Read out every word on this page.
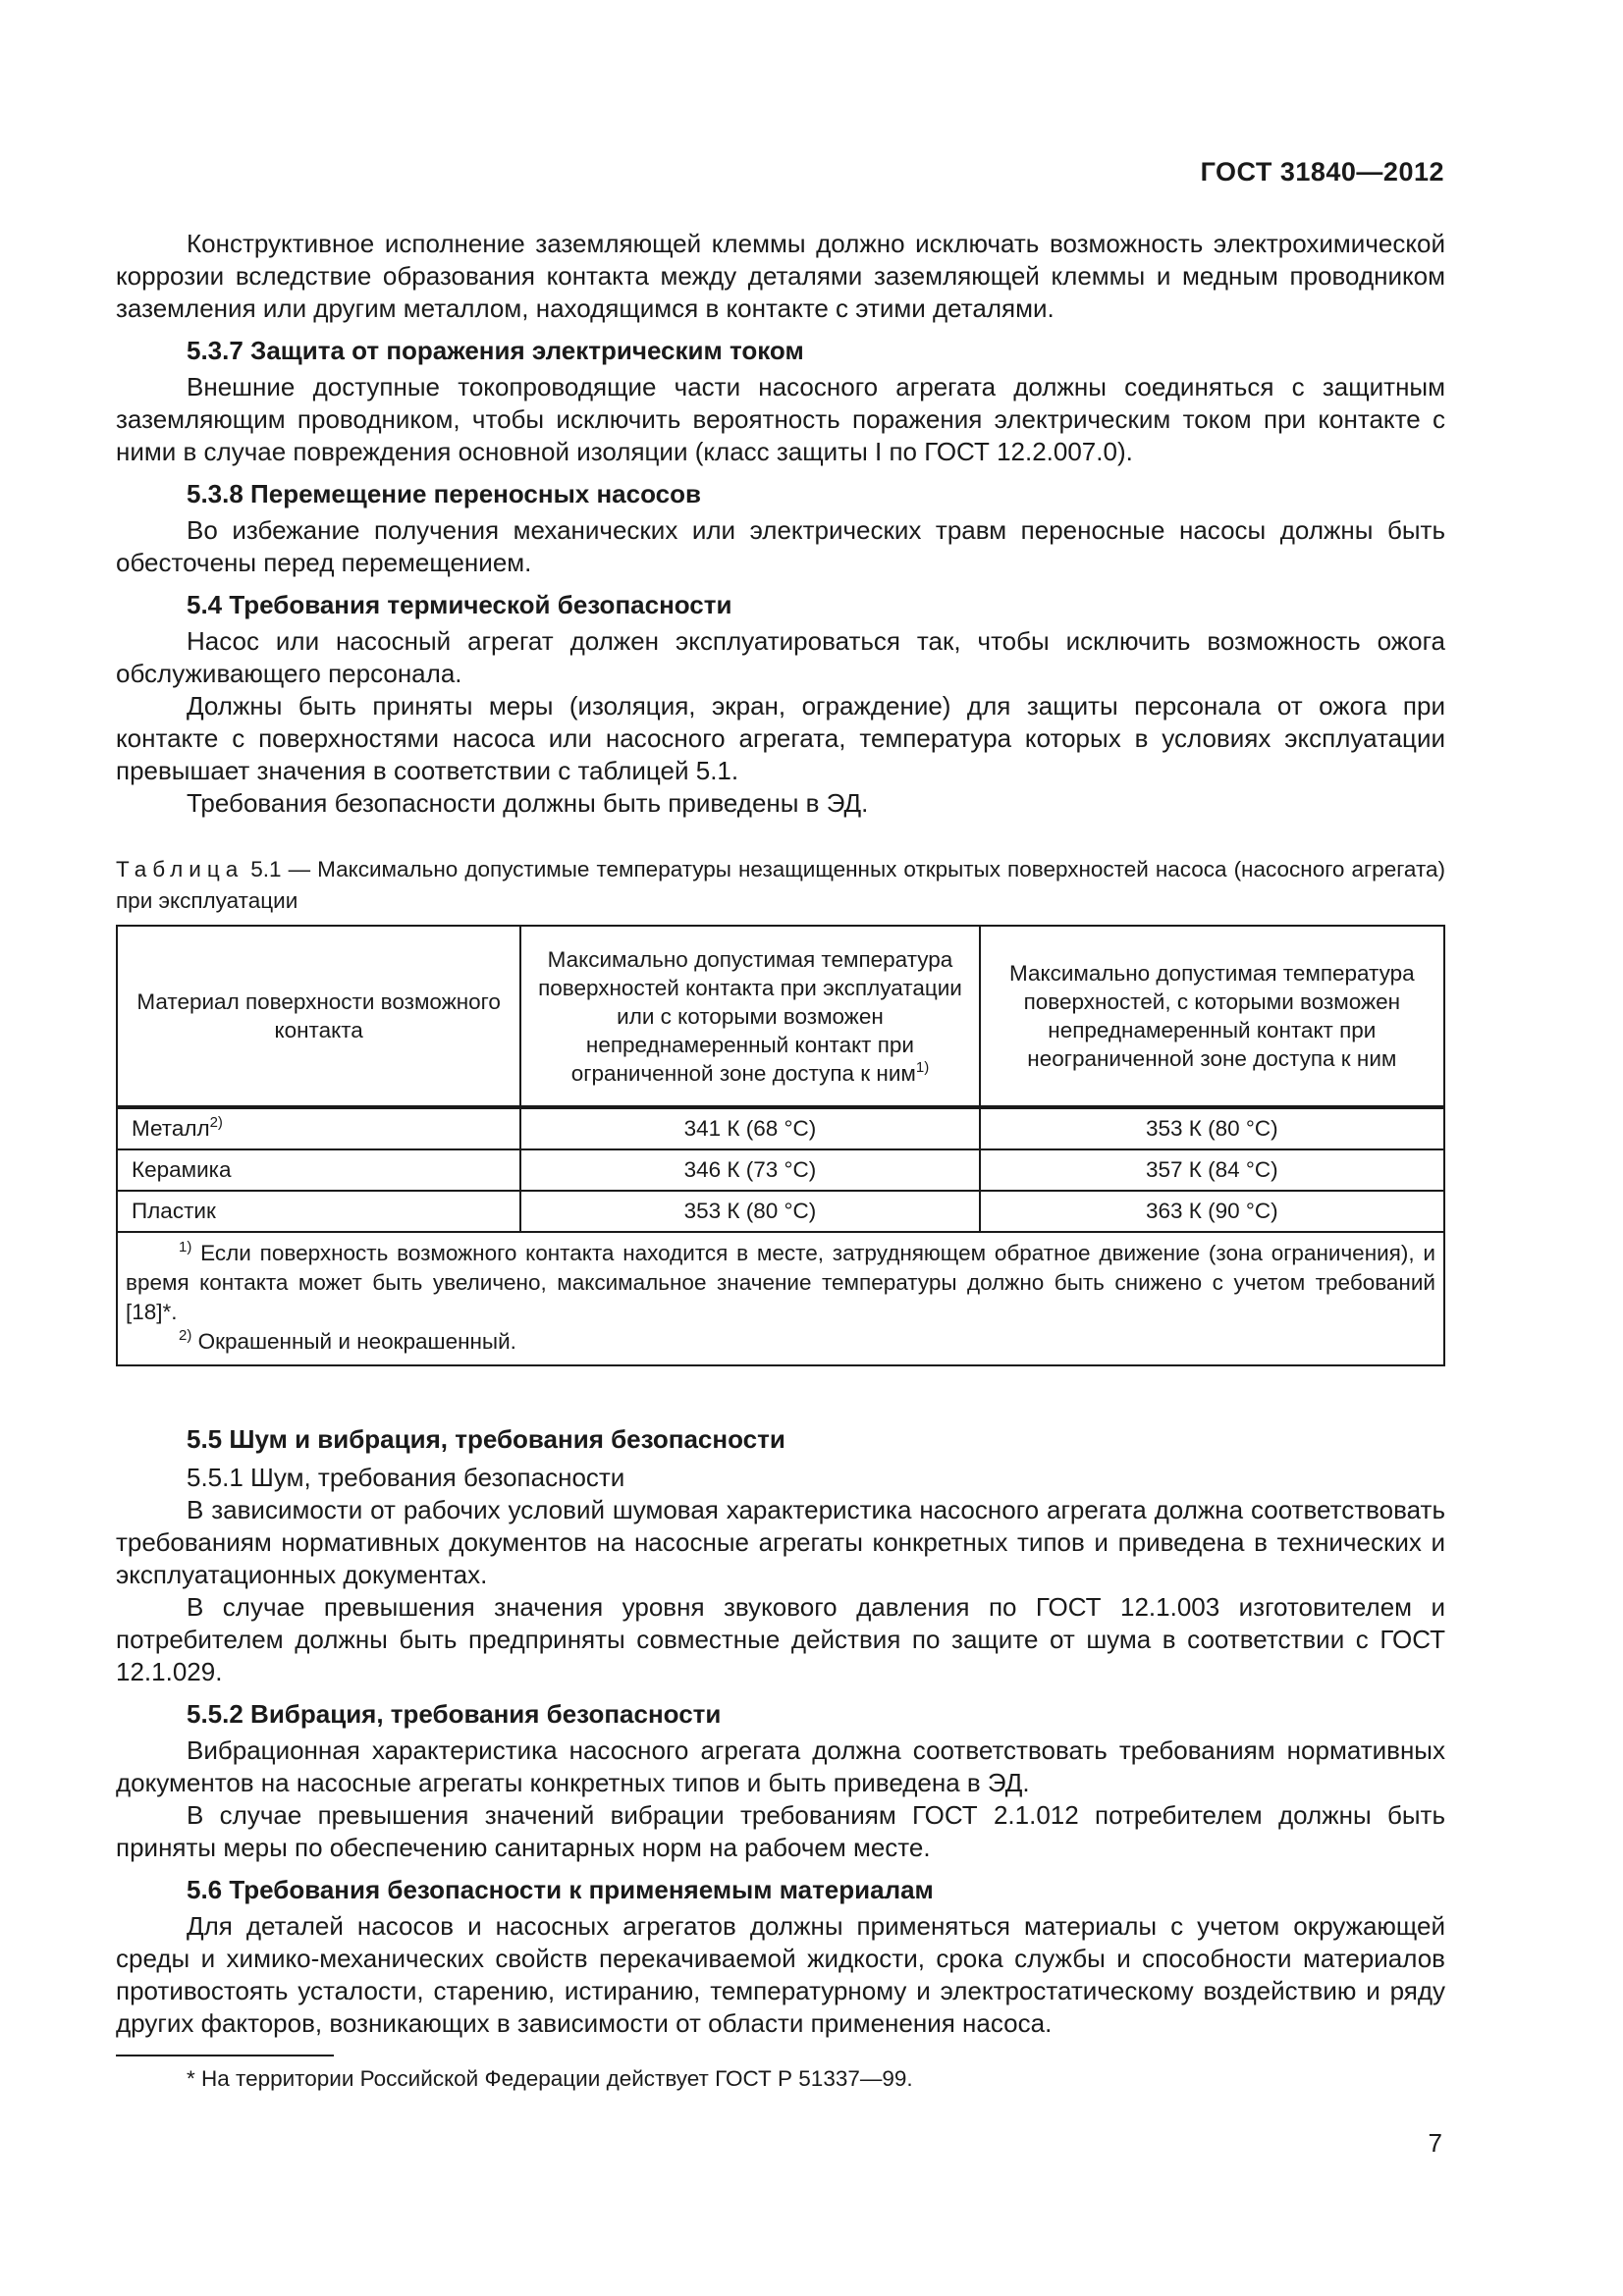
ГОСТ 31840—2012

Конструктивное исполнение заземляющей клеммы должно исключать возможность электрохимической коррозии вследствие образования контакта между деталями заземляющей клеммы и медным проводником заземления или другим металлом, находящимся в контакте с этими деталями.

5.3.7 Защита от поражения электрическим током

Внешние доступные токопроводящие части насосного агрегата должны соединяться с защитным заземляющим проводником, чтобы исключить вероятность поражения электрическим током при контакте с ними в случае повреждения основной изоляции (класс защиты I по ГОСТ 12.2.007.0).

5.3.8 Перемещение переносных насосов

Во избежание получения механических или электрических травм переносные насосы должны быть обесточены перед перемещением.

5.4 Требования термической безопасности

Насос или насосный агрегат должен эксплуатироваться так, чтобы исключить возможность ожога обслуживающего персонала.

Должны быть приняты меры (изоляция, экран, ограждение) для защиты персонала от ожога при контакте с поверхностями насоса или насосного агрегата, температура которых в условиях эксплуатации превышает значения в соответствии с таблицей 5.1.

Требования безопасности должны быть приведены в ЭД.

Таблица 5.1 — Максимально допустимые температуры незащищенных открытых поверхностей насоса (насосного агрегата) при эксплуатации
Материал поверхности возможного контакта	Максимально допустимая температура поверхностей контакта при эксплуатации или с которыми возможен непреднамеренный контакт при ограниченной зоне доступа к ним$^{1)}$	Максимально допустимая температура поверхностей, с которыми возможен непреднамеренный контакт при неограниченной зоне доступа к ним
Металл$^{2)}$	341 К (68 °С)	353 К (80 °С)
Керамика	346 К (73 °С)	357 К (84 °С)
Пластик	353 К (80 °С)	363 К (90 °С)

$^{1)}$ Если поверхность возможного контакта находится в месте, затрудняющем обратное движение (зона ограничения), и время контакта может быть увеличено, максимальное значение температуры должно быть снижено с учетом требований [18]*.

$^{2)}$ Окрашенный и неокрашенный.		

5.5 Шум и вибрация, требования безопасности
5.5.1 Шум, требования безопасности

В зависимости от рабочих условий шумовая характеристика насосного агрегата должна соответствовать требованиям нормативных документов на насосные агрегаты конкретных типов и приведена в технических и эксплуатационных документах.

В случае превышения значения уровня звукового давления по ГОСТ 12.1.003 изготовителем и потребителем должны быть предприняты совместные действия по защите от шума в соответствии с ГОСТ 12.1.029.

5.5.2 Вибрация, требования безопасности

Вибрационная характеристика насосного агрегата должна соответствовать требованиям нормативных документов на насосные агрегаты конкретных типов и быть приведена в ЭД.

В случае превышения значений вибрации требованиям ГОСТ 2.1.012 потребителем должны быть приняты меры по обеспечению санитарных норм на рабочем месте.

5.6 Требования безопасности к применяемым материалам

Для деталей насосов и насосных агрегатов должны применяться материалы с учетом окружающей среды и химико-механических свойств перекачиваемой жидкости, срока службы и способности материалов противостоять усталости, старению, истиранию, температурному и электростатическому воздействию и ряду других факторов, возникающих в зависимости от области применения насоса.

* На территории Российской Федерации действует ГОСТ Р 51337—99.
7
